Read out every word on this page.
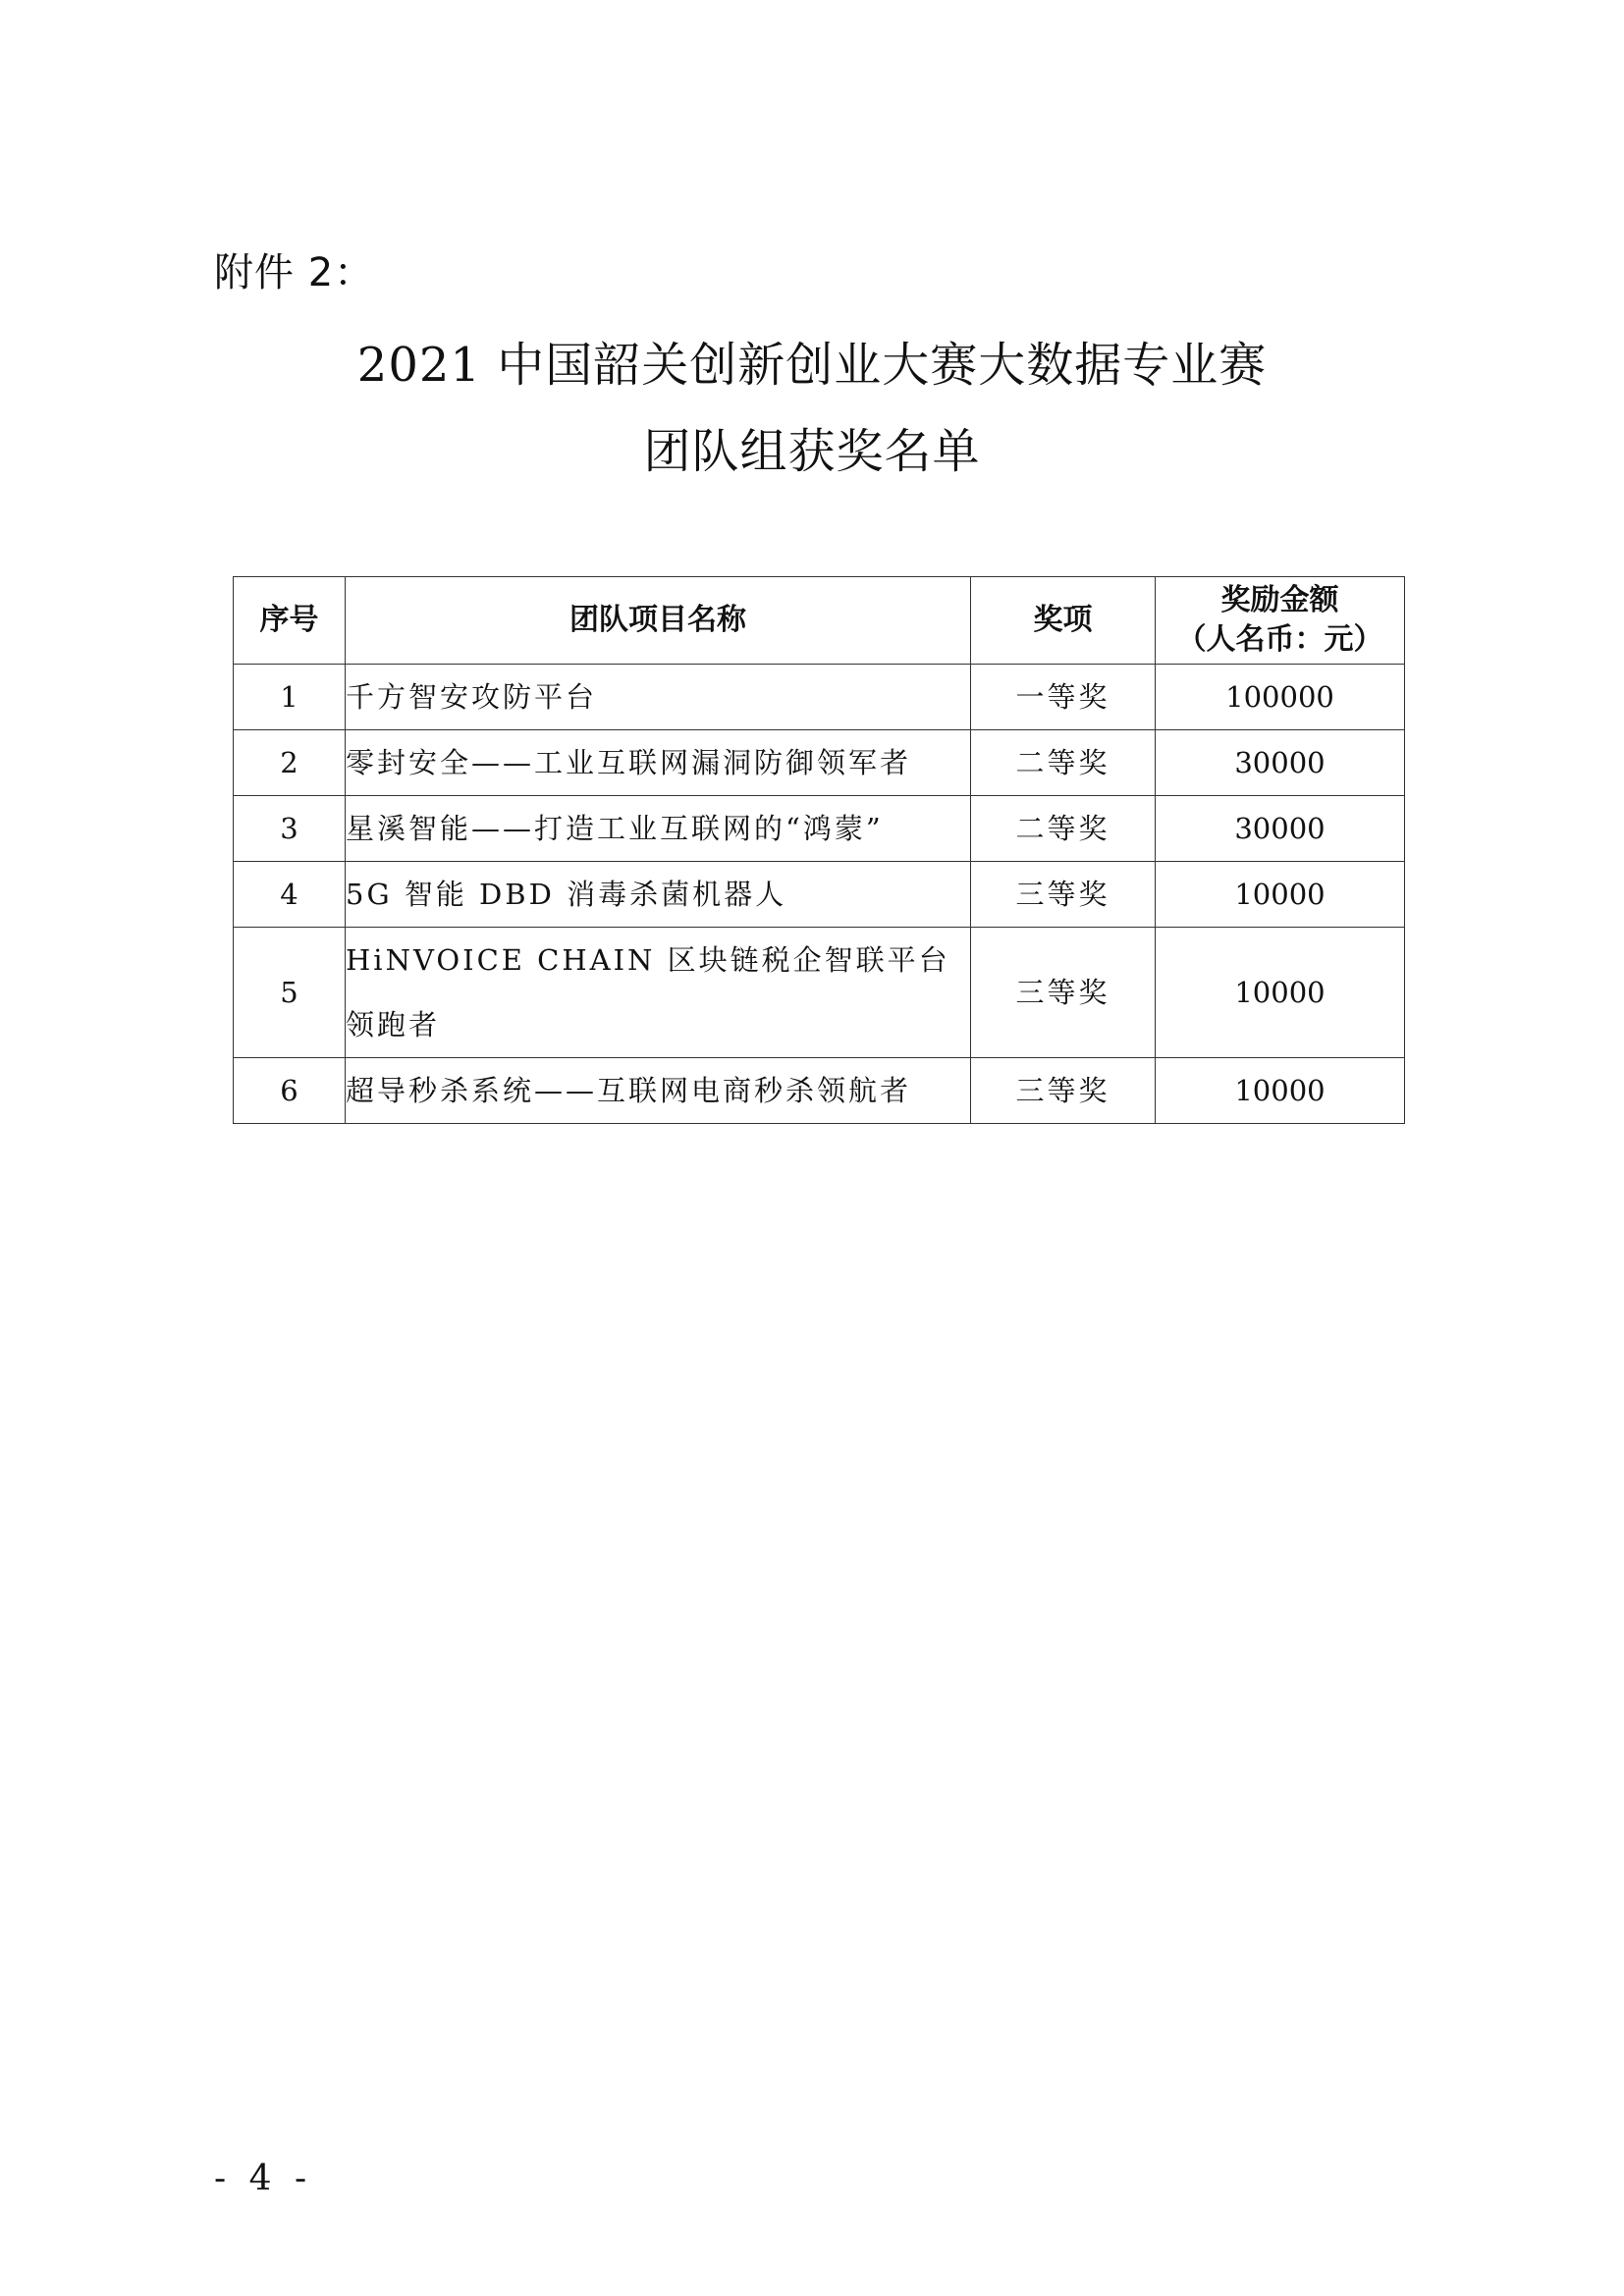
附件 2：
2021 中国韶关创新创业大赛大数据专业赛
团队组获奖名单
序号	团队项目名称	奖项	奖励金额
（人名币：元）

1	千方智安攻防平台	一等奖	100000
2	零封安全——工业互联网漏洞防御领军者	二等奖	30000
3	星溪智能——打造工业互联网的“鸿蒙”	二等奖	30000
4	5G 智能 DBD 消毒杀菌机器人	三等奖	10000
5	HiNVOICE CHAIN 区块链税企智联平台领跑者	三等奖	10000
6	超导秒杀系统——互联网电商秒杀领航者	三等奖	10000
- 4 -
